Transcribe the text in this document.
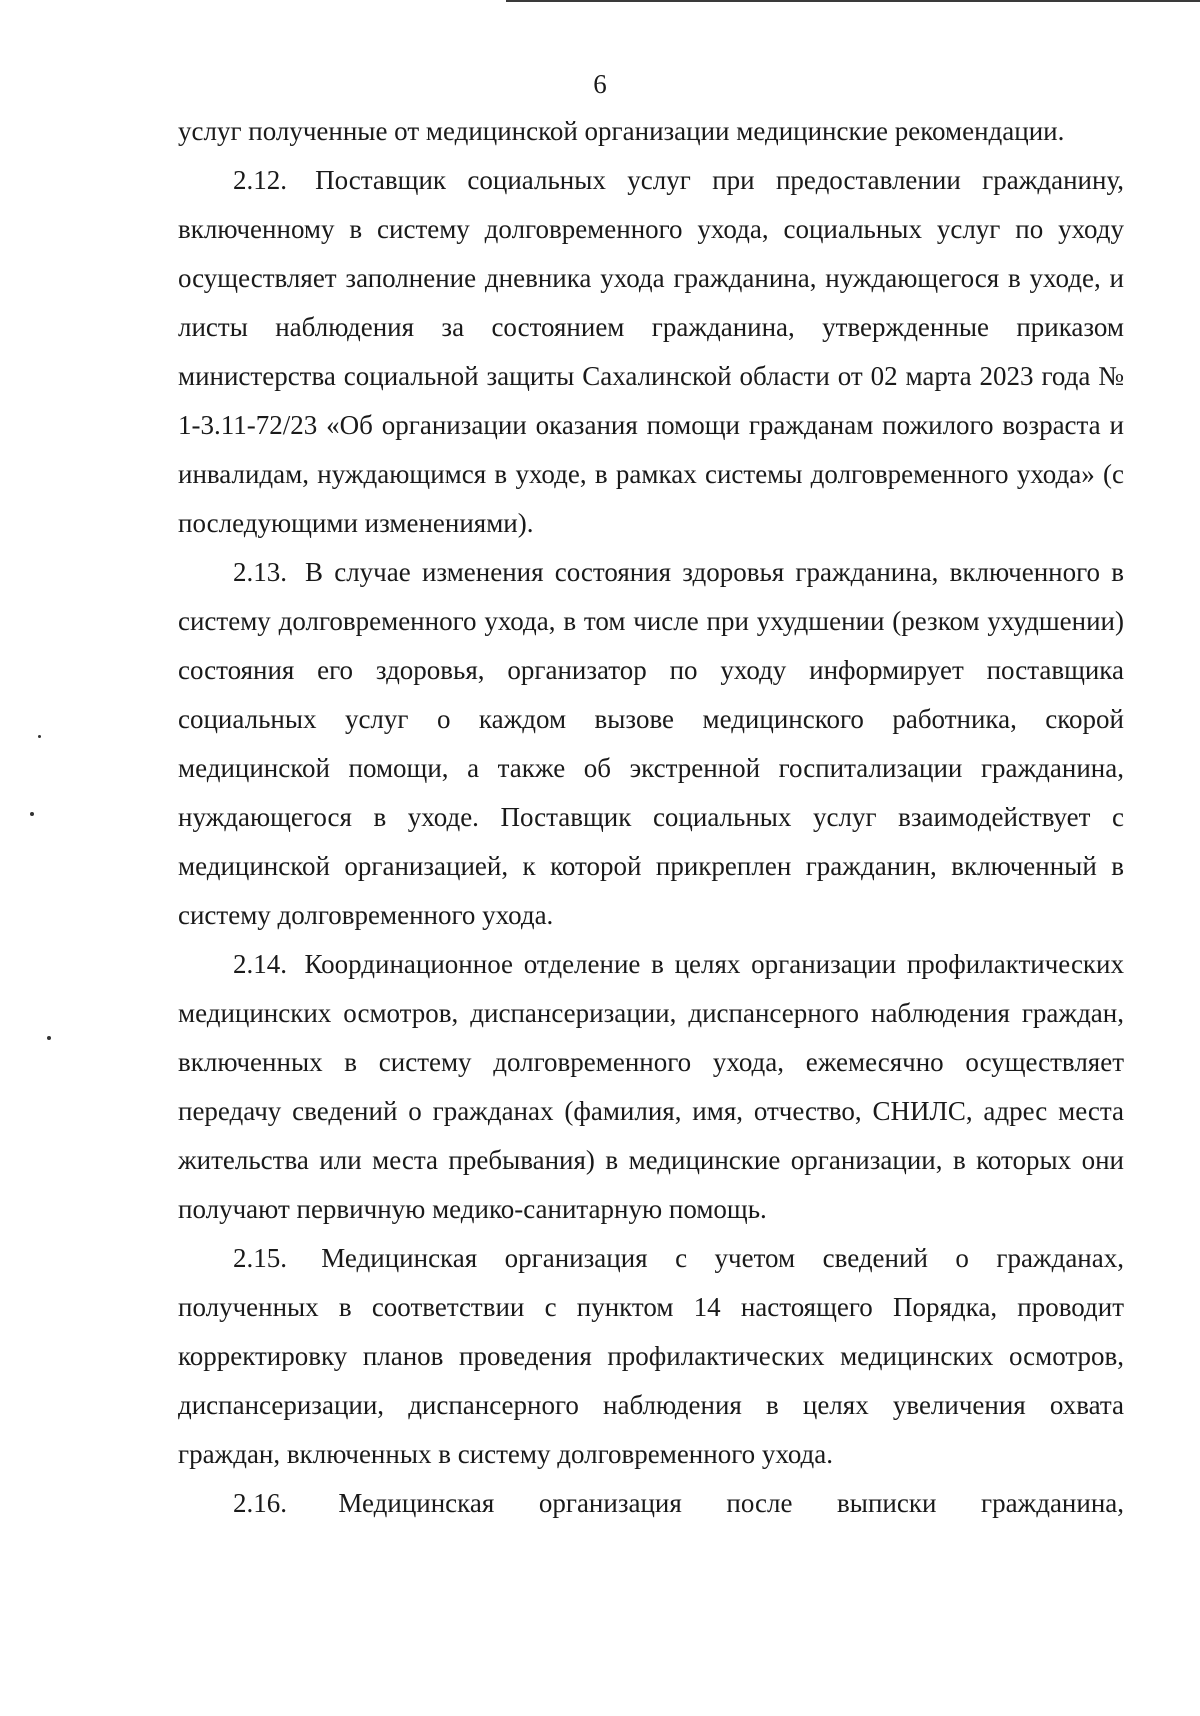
6

услуг полученные от медицинской организации медицинские рекомендации.

2.12. Поставщик социальных услуг при предоставлении гражданину, включенному в систему долговременного ухода, социальных услуг по уходу осуществляет заполнение дневника ухода гражданина, нуждающегося в уходе, и листы наблюдения за состоянием гражданина, утвержденные приказом министерства социальной защиты Сахалинской области от 02 марта 2023 года № 1-3.11-72/23 «Об организации оказания помощи гражданам пожилого возраста и инвалидам, нуждающимся в уходе, в рамках системы долговременного ухода» (с последующими изменениями).

2.13. В случае изменения состояния здоровья гражданина, включенного в систему долговременного ухода, в том числе при ухудшении (резком ухудшении) состояния его здоровья, организатор по уходу информирует поставщика социальных услуг о каждом вызове медицинского работника, скорой медицинской помощи, а также об экстренной госпитализации гражданина, нуждающегося в уходе. Поставщик социальных услуг взаимодействует с медицинской организацией, к которой прикреплен гражданин, включенный в систему долговременного ухода.

2.14. Координационное отделение в целях организации профилактических медицинских осмотров, диспансеризации, диспансерного наблюдения граждан, включенных в систему долговременного ухода, ежемесячно осуществляет передачу сведений о гражданах (фамилия, имя, отчество, СНИЛС, адрес места жительства или места пребывания) в медицинские организации, в которых они получают первичную медико-санитарную помощь.

2.15. Медицинская организация с учетом сведений о гражданах, полученных в соответствии с пунктом 14 настоящего Порядка, проводит корректировку планов проведения профилактических медицинских осмотров, диспансеризации, диспансерного наблюдения в целях увеличения охвата граждан, включенных в систему долговременного ухода.

2.16. Медицинская организация после выписки гражданина,
